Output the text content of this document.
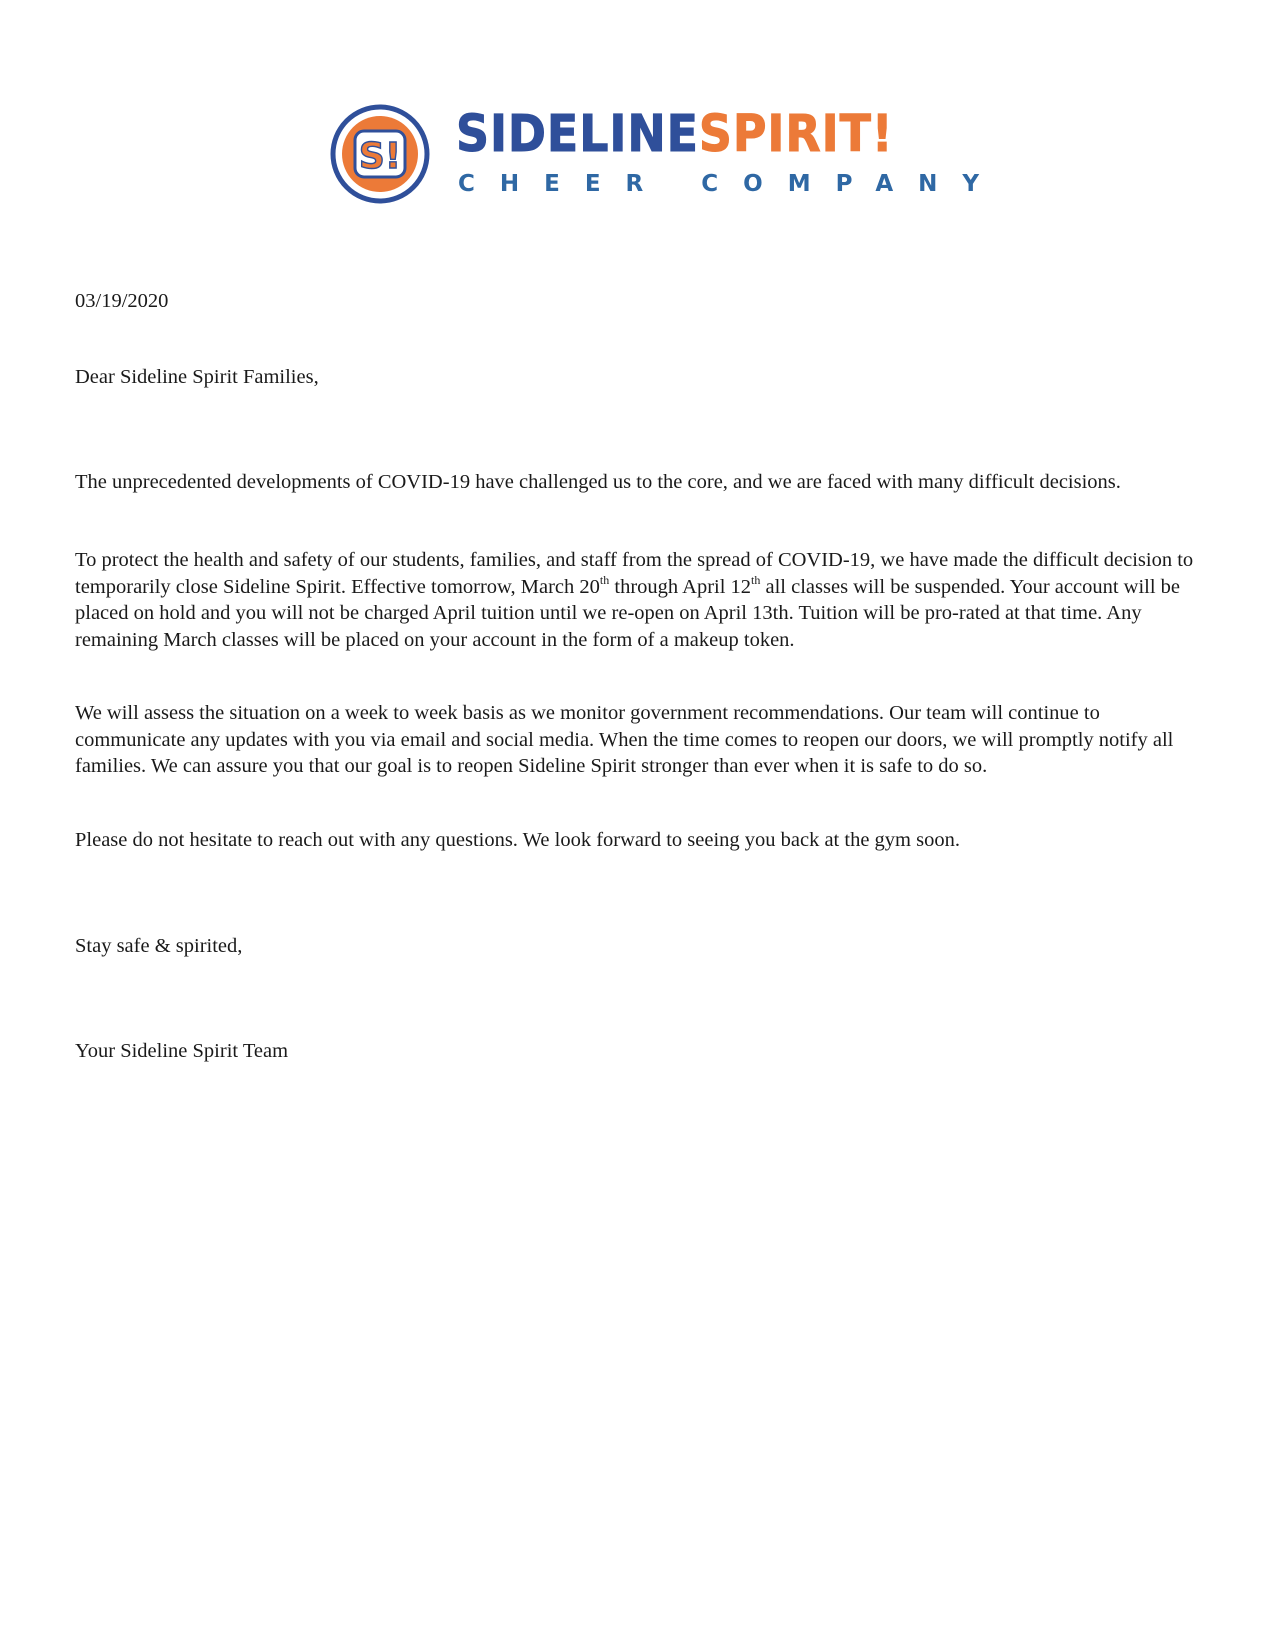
S! SIDELINESPIRIT!
CHEER COMPANY

03/19/2020

Dear Sideline Spirit Families,

The unprecedented developments of COVID-19 have challenged us to the core, and we are faced with many difficult decisions.

To protect the health and safety of our students, families, and staff from the spread of COVID-19, we have made the difficult decision to temporarily close Sideline Spirit. Effective tomorrow, March 20th through April 12th all classes will be suspended. Your account will be placed on hold and you will not be charged April tuition until we re-open on April 13th. Tuition will be pro-rated at that time. Any remaining March classes will be placed on your account in the form of a makeup token.

We will assess the situation on a week to week basis as we monitor government recommendations. Our team will continue to communicate any updates with you via email and social media. When the time comes to reopen our doors, we will promptly notify all families. We can assure you that our goal is to reopen Sideline Spirit stronger than ever when it is safe to do so.

Please do not hesitate to reach out with any questions. We look forward to seeing you back at the gym soon.

Stay safe & spirited,

Your Sideline Spirit Team
